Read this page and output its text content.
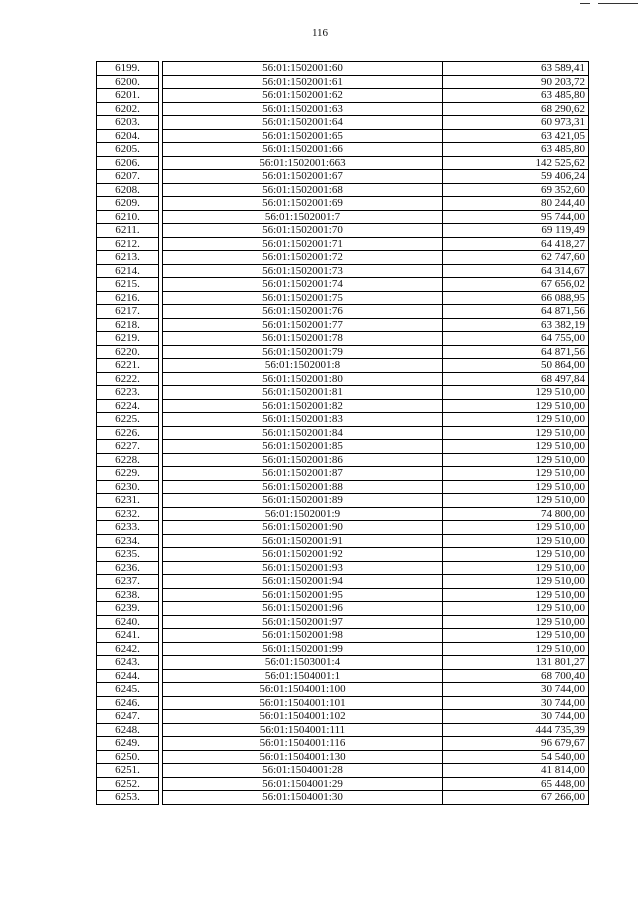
116
6199.		56:01:1502001:60	63 589,41
6200.		56:01:1502001:61	90 203,72
6201.		56:01:1502001:62	63 485,80
6202.		56:01:1502001:63	68 290,62
6203.		56:01:1502001:64	60 973,31
6204.		56:01:1502001:65	63 421,05
6205.		56:01:1502001:66	63 485,80
6206.		56:01:1502001:663	142 525,62
6207.		56:01:1502001:67	59 406,24
6208.		56:01:1502001:68	69 352,60
6209.		56:01:1502001:69	80 244,40
6210.		56:01:1502001:7	95 744,00
6211.		56:01:1502001:70	69 119,49
6212.		56:01:1502001:71	64 418,27
6213.		56:01:1502001:72	62 747,60
6214.		56:01:1502001:73	64 314,67
6215.		56:01:1502001:74	67 656,02
6216.		56:01:1502001:75	66 088,95
6217.		56:01:1502001:76	64 871,56
6218.		56:01:1502001:77	63 382,19
6219.		56:01:1502001:78	64 755,00
6220.		56:01:1502001:79	64 871,56
6221.		56:01:1502001:8	50 864,00
6222.		56:01:1502001:80	68 497,84
6223.		56:01:1502001:81	129 510,00
6224.		56:01:1502001:82	129 510,00
6225.		56:01:1502001:83	129 510,00
6226.		56:01:1502001:84	129 510,00
6227.		56:01:1502001:85	129 510,00
6228.		56:01:1502001:86	129 510,00
6229.		56:01:1502001:87	129 510,00
6230.		56:01:1502001:88	129 510,00
6231.		56:01:1502001:89	129 510,00
6232.		56:01:1502001:9	74 800,00
6233.		56:01:1502001:90	129 510,00
6234.		56:01:1502001:91	129 510,00
6235.		56:01:1502001:92	129 510,00
6236.		56:01:1502001:93	129 510,00
6237.		56:01:1502001:94	129 510,00
6238.		56:01:1502001:95	129 510,00
6239.		56:01:1502001:96	129 510,00
6240.		56:01:1502001:97	129 510,00
6241.		56:01:1502001:98	129 510,00
6242.		56:01:1502001:99	129 510,00
6243.		56:01:1503001:4	131 801,27
6244.		56:01:1504001:1	68 700,40
6245.		56:01:1504001:100	30 744,00
6246.		56:01:1504001:101	30 744,00
6247.		56:01:1504001:102	30 744,00
6248.		56:01:1504001:111	444 735,39
6249.		56:01:1504001:116	96 679,67
6250.		56:01:1504001:130	54 540,00
6251.		56:01:1504001:28	41 814,00
6252.		56:01:1504001:29	65 448,00
6253.		56:01:1504001:30	67 266,00
